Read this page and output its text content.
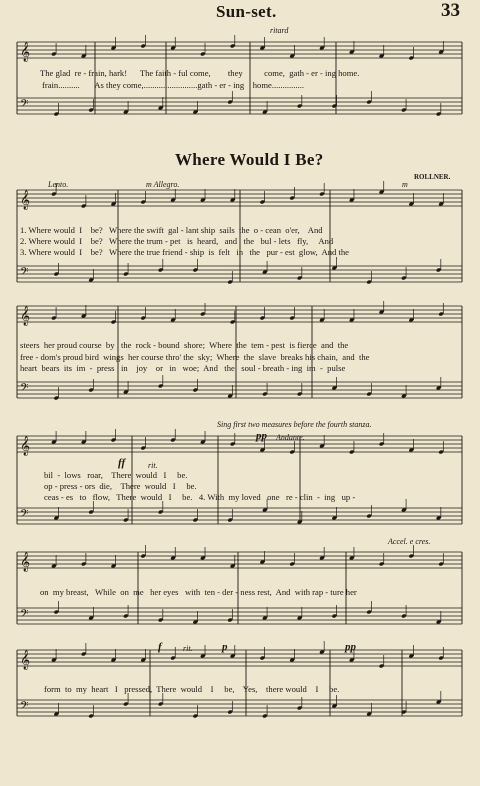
𝄞
𝄢
𝄞
𝄢
𝄞
𝄢
𝄞
𝄢
𝄞
𝄢
𝄞
𝄢
Sun-set.	33
ritard
The glad  re - frain, hark!      The faith - ful come,        they          come,  gath - er - ing home.
frain..........       As they come,.........................gath - er - ing    home...............
Where Would I Be?
ROLLNER.
Lento.	m Allegro.	m
1. Where would  I    be?   Where the swift  gal - lant ship  sails  the  o - cean  o'er,    And
2. Where would  I    be?   Where the trum - pet   is  heard,   and   the   bul - lets   fly,     And
3. Where would  I    be?   Where the true friend - ship  is  felt   in   the   pur - est  glow,  And the
steers  her proud course  by   the  rock - bound  shore;  Where  the  tem - pest  is fierce  and  the
free - dom's proud bird  wings  her course thro' the  sky;  Where  the  slave  breaks his chain,  and  the
heart  bears  its  im  -  press   in    joy    or   in   woe;  And   the   soul - breath - ing  im  -  pulse
Sing first two measures before the fourth stanza.
pp Andante.
ff	rit.
bil  -  lows   roar,    There  would   I     be.
op - press - ors  die,    There  would   I     be.
ceas - es   to   flow,   There  would   I     be.   4. With  my loved   one   re - clin  -  ing   up -
Accel. e cres.
on  my breast,   While  on  me   her eyes   with  ten - der - ness rest,  And  with rap - ture her
f	rit.	p	pp
form  to  my  heart   I   pressed,  There  would    I     be,    Yes,    there would    I     be.
